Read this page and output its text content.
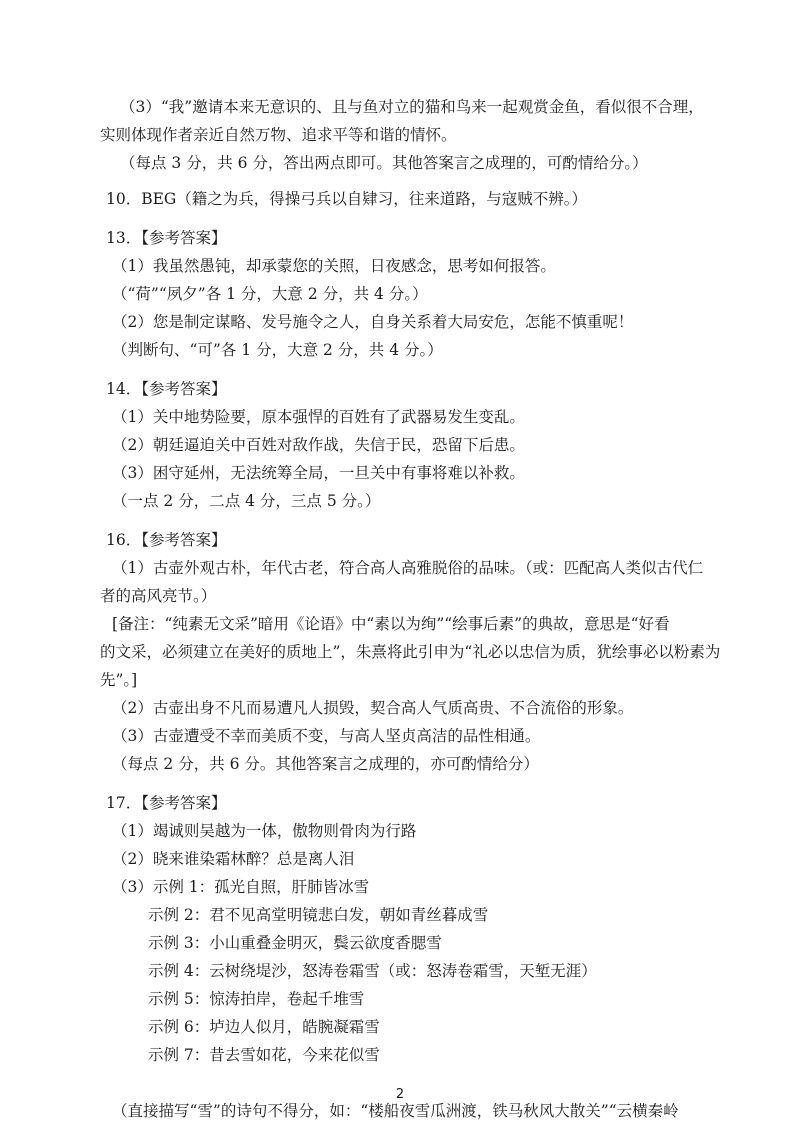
（3）“我”邀请本来无意识的、且与鱼对立的猫和鸟来一起观赏金鱼，看似很不合理，
实则体现作者亲近自然万物、追求平等和谐的情怀。
（每点 3 分，共 6 分，答出两点即可。其他答案言之成理的，可酌情给分。）
10．BEG（籍之为兵，得操弓兵以自肄习，往来道路，与寇贼不辨。）
13．【参考答案】
（1）我虽然愚钝，却承蒙您的关照，日夜感念，思考如何报答。
（“荷”“夙夕”各 1 分，大意 2 分，共 4 分。）
（2）您是制定谋略、发号施令之人，自身关系着大局安危，怎能不慎重呢！
（判断句、“可”各 1 分，大意 2 分，共 4 分。）
14．【参考答案】
（1）关中地势险要，原本强悍的百姓有了武器易发生变乱。
（2）朝廷逼迫关中百姓对敌作战，失信于民，恐留下后患。
（3）困守延州，无法统筹全局，一旦关中有事将难以补救。
（一点 2 分，二点 4 分，三点 5 分。）
16．【参考答案】
（1）古壶外观古朴，年代古老，符合高人高雅脱俗的品味。（或：匹配高人类似古代仁
者的高风亮节。）
[备注：“纯素无文采”暗用《论语》中“素以为绚”“绘事后素”的典故，意思是“好看
的文采，必须建立在美好的质地上”，朱熹将此引申为“礼必以忠信为质，犹绘事必以粉素为
先”。]
（2）古壶出身不凡而易遭凡人损毁，契合高人气质高贵、不合流俗的形象。
（3）古壶遭受不幸而美质不变，与高人坚贞高洁的品性相通。
（每点 2 分，共 6 分。其他答案言之成理的，亦可酌情给分）
17．【参考答案】
（1）竭诚则吴越为一体，傲物则骨肉为行路
（2）晓来谁染霜林醉？总是离人泪
（3）示例 1：孤光自照，肝肺皆冰雪
示例 2：君不见高堂明镜悲白发，朝如青丝暮成雪
示例 3：小山重叠金明灭，鬓云欲度香腮雪
示例 4：云树绕堤沙，怒涛卷霜雪（或：怒涛卷霜雪，天堑无涯）
示例 5：惊涛拍岸，卷起千堆雪
示例 6：垆边人似月，皓腕凝霜雪
示例 7：昔去雪如花，今来花似雪
（直接描写“雪”的诗句不得分，如：“楼船夜雪瓜洲渡，铁马秋风大散关”“云横秦岭
2
